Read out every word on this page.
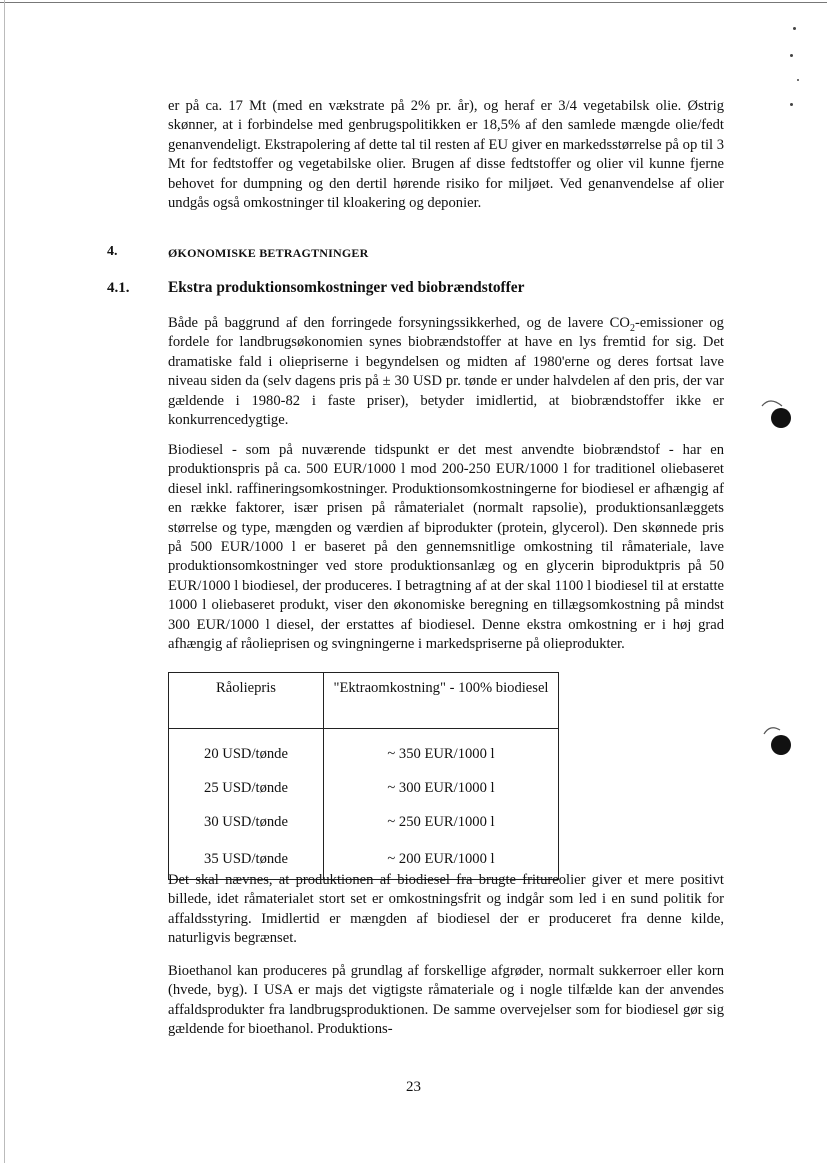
er på ca. 17 Mt (med en vækstrate på 2% pr. år), og heraf er 3/4 vegetabilsk olie. Østrig skønner, at i forbindelse med genbrugspolitikken er 18,5% af den samlede mængde olie/fedt genanvendeligt. Ekstrapolering af dette tal til resten af EU giver en markedsstørrelse på op til 3 Mt for fedtstoffer og vegetabilske olier. Brugen af disse fedtstoffer og olier vil kunne fjerne behovet for dumpning og den dertil hørende risiko for miljøet. Ved genanvendelse af olier undgås også omkostninger til kloakering og deponier.

4.	ØKONOMISKE BETRAGTNINGER
4.1.	Ekstra produktionsomkostninger ved biobrændstoffer

Både på baggrund af den forringede forsyningssikkerhed, og de lavere $CO_2$-emissioner og fordele for landbrugsøkonomien synes biobrændstoffer at have en lys fremtid for sig. Det dramatiske fald i oliepriserne i begyndelsen og midten af 1980'erne og deres fortsat lave niveau siden da (selv dagens pris på ± 30 USD pr. tønde er under halvdelen af den pris, der var gældende i 1980-82 i faste priser), betyder imidlertid, at biobrændstoffer ikke er konkurrencedygtige.

Biodiesel - som på nuværende tidspunkt er det mest anvendte biobrændstof - har en produktionspris på ca. 500 EUR/1000 l mod 200-250 EUR/1000 l for traditionel oliebaseret diesel inkl. raffineringsomkostninger. Produktionsomkostningerne for biodiesel er afhængig af en række faktorer, især prisen på råmaterialet (normalt rapsolie), produktionsanlæggets størrelse og type, mængden og værdien af biprodukter (protein, glycerol). Den skønnede pris på 500 EUR/1000 l er baseret på den gennemsnitlige omkostning til råmateriale, lave produktionsomkostninger ved store produktionsanlæg og en glycerin biproduktpris på 50 EUR/1000 l biodiesel, der produceres. I betragtning af at der skal 1100 l biodiesel til at erstatte 1000 l oliebaseret produkt, viser den økonomiske beregning en tillægsomkostning på mindst 300 EUR/1000 l diesel, der erstattes af biodiesel. Denne ekstra omkostning er i høj grad afhængig af råolieprisen og svingningerne i markedspriserne på olieprodukter.

Råoliepris	"Ektraomkostning" - 100% biodiesel
20 USD/tønde	~ 350 EUR/1000 l
25 USD/tønde	~ 300 EUR/1000 l
30 USD/tønde	~ 250 EUR/1000 l
35 USD/tønde	~ 200 EUR/1000 l

Det skal nævnes, at produktionen af biodiesel fra brugte fritureolier giver et mere positivt billede, idet råmaterialet stort set er omkostningsfrit og indgår som led i en sund politik for affaldsstyring. Imidlertid er mængden af biodiesel der er produceret fra denne kilde, naturligvis begrænset.

Bioethanol kan produceres på grundlag af forskellige afgrøder, normalt sukkerroer eller korn (hvede, byg). I USA er majs det vigtigste råmateriale og i nogle tilfælde kan der anvendes affaldsprodukter fra landbrugsproduktionen. De samme overvejelser som for biodiesel gør sig gældende for bioethanol. Produktions-

23
